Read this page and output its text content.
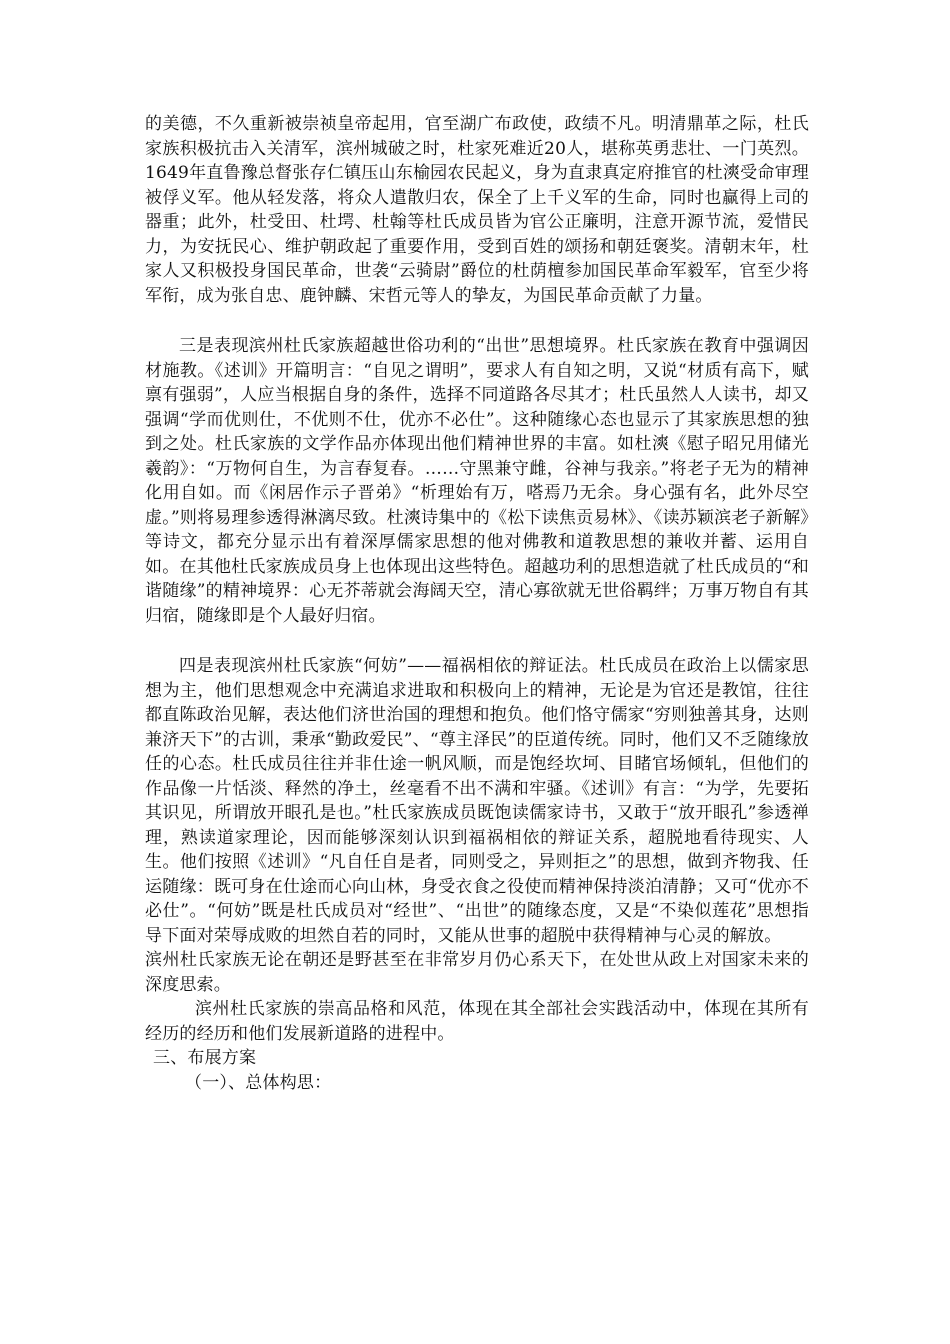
的美德，不久重新被崇祯皇帝起用，官至湖广布政使，政绩不凡。明清鼎革之际，杜氏家族积极抗击入关清军，滨州城破之时，杜家死难近20人，堪称英勇悲壮、一门英烈。1649年直鲁豫总督张存仁镇压山东榆园农民起义，身为直隶真定府推官的杜漺受命审理被俘义军。他从轻发落，将众人遣散归农，保全了上千义军的生命，同时也赢得上司的器重；此外，杜受田、杜堮、杜翰等杜氏成员皆为官公正廉明，注意开源节流，爱惜民力，为安抚民心、维护朝政起了重要作用，受到百姓的颂扬和朝廷褒奖。清朝末年，杜家人又积极投身国民革命，世袭“云骑尉”爵位的杜荫檀参加国民革命军毅军，官至少将军衔，成为张自忠、鹿钟麟、宋哲元等人的挚友，为国民革命贡献了力量。

三是表现滨州杜氏家族超越世俗功利的“出世”思想境界。杜氏家族在教育中强调因材施教。《述训》开篇明言：“自见之谓明”，要求人有自知之明，又说“材质有高下，赋禀有强弱”，人应当根据自身的条件，选择不同道路各尽其才；杜氏虽然人人读书，却又强调“学而优则仕，不优则不仕，优亦不必仕”。这种随缘心态也显示了其家族思想的独到之处。杜氏家族的文学作品亦体现出他们精神世界的丰富。如杜漺《慰子昭兄用储光羲韵》：“万物何自生，为言春复春。……守黑兼守雌，谷神与我亲。”将老子无为的精神化用自如。而《闲居作示子晋弟》“析理始有万，嗒焉乃无余。身心强有名，此外尽空虚。”则将易理参透得淋漓尽致。杜漺诗集中的《松下读焦贡易林》、《读苏颖滨老子新解》等诗文，都充分显示出有着深厚儒家思想的他对佛教和道教思想的兼收并蓄、运用自如。在其他杜氏家族成员身上也体现出这些特色。超越功利的思想造就了杜氏成员的“和谐随缘”的精神境界：心无芥蒂就会海阔天空，清心寡欲就无世俗羁绊；万事万物自有其归宿，随缘即是个人最好归宿。

四是表现滨州杜氏家族“何妨”——福祸相依的辩证法。杜氏成员在政治上以儒家思想为主，他们思想观念中充满追求进取和积极向上的精神，无论是为官还是教馆，往往都直陈政治见解，表达他们济世治国的理想和抱负。他们恪守儒家“穷则独善其身，达则兼济天下”的古训，秉承“勤政爱民”、“尊主泽民”的臣道传统。同时，他们又不乏随缘放任的心态。杜氏成员往往并非仕途一帆风顺，而是饱经坎坷、目睹官场倾轧，但他们的作品像一片恬淡、释然的净土，丝毫看不出不满和牢骚。《述训》有言：“为学，先要拓其识见，所谓放开眼孔是也。”杜氏家族成员既饱读儒家诗书，又敢于“放开眼孔”参透禅理，熟读道家理论，因而能够深刻认识到福祸相依的辩证关系，超脱地看待现实、人生。他们按照《述训》“凡自任自是者，同则受之，异则拒之”的思想，做到齐物我、任运随缘：既可身在仕途而心向山林，身受衣食之役使而精神保持淡泊清静；又可“优亦不必仕”。“何妨”既是杜氏成员对“经世”、“出世”的随缘态度，又是“不染似莲花”思想指导下面对荣辱成败的坦然自若的同时，又能从世事的超脱中获得精神与心灵的解放。

滨州杜氏家族无论在朝还是野甚至在非常岁月仍心系天下，在处世从政上对国家未来的深度思索。

滨州杜氏家族的崇高品格和风范，体现在其全部社会实践活动中，体现在其所有经历的经历和他们发展新道路的进程中。

三、布展方案

（一）、总体构思：
